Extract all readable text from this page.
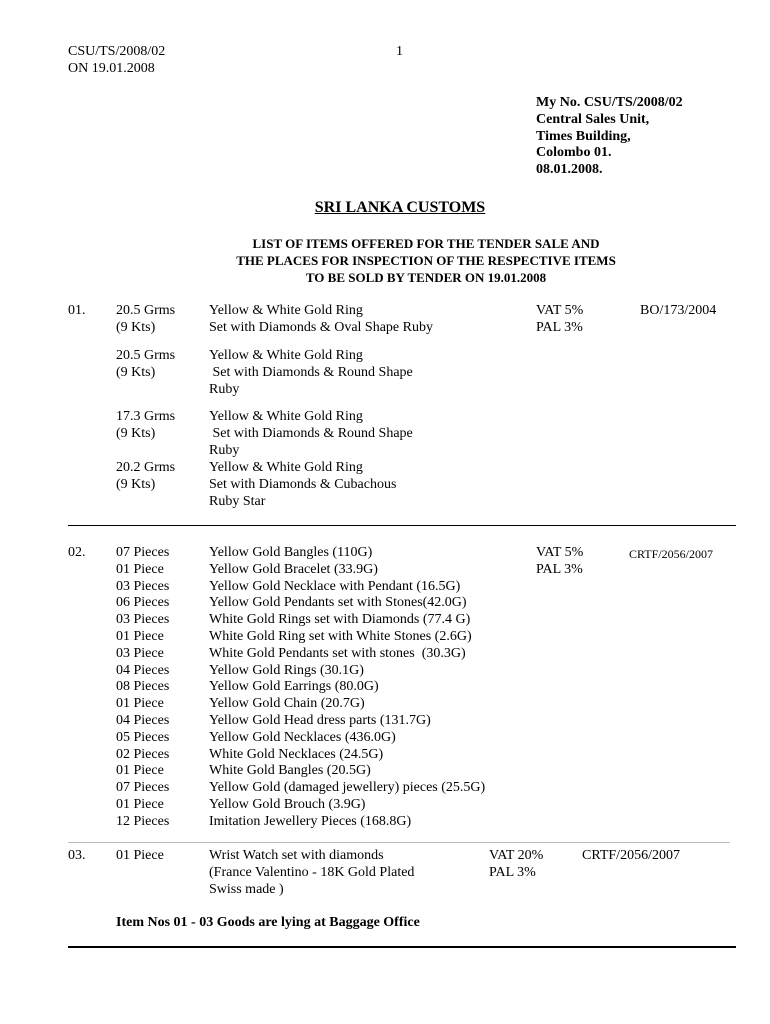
CSU/TS/2008/02
ON 19.01.2008
1
My No. CSU/TS/2008/02
Central Sales Unit,
Times Building,
Colombo 01.
08.01.2008.
SRI LANKA CUSTOMS
LIST OF ITEMS OFFERED FOR THE TENDER SALE AND
THE PLACES FOR INSPECTION OF THE RESPECTIVE ITEMS
TO BE SOLD BY TENDER ON 19.01.2008
01. 20.5 Grms
(9 Kts)
Yellow & White Gold Ring
Set with Diamonds & Oval Shape Ruby
VAT 5%
PAL 3%
BO/173/2004
20.5 Grms
(9 Kts)
Yellow & White Gold Ring
Set with Diamonds & Round Shape
Ruby
17.3 Grms
(9 Kts)
Yellow & White Gold Ring
Set with Diamonds & Round Shape
Ruby
20.2 Grms
(9 Kts)
Yellow & White Gold Ring
Set with Diamonds & Cubachous
Ruby Star
02. 07 Pieces
01 Piece
03 Pieces
06 Pieces
03 Pieces
01 Piece
03 Piece
04 Pieces
08 Pieces
01 Piece
04 Pieces
05 Pieces
02 Pieces
01 Piece
07 Pieces
01 Piece
12 Pieces
Yellow Gold Bangles (110G)
Yellow Gold Bracelet (33.9G)
Yellow Gold Necklace with Pendant (16.5G)
Yellow Gold Pendants set with Stones(42.0G)
White Gold Rings set with Diamonds (77.4 G)
White Gold Ring set with White Stones (2.6G)
White Gold Pendants set with stones  (30.3G)
Yellow Gold Rings (30.1G)
Yellow Gold Earrings (80.0G)
Yellow Gold Chain (20.7G)
Yellow Gold Head dress parts (131.7G)
Yellow Gold Necklaces (436.0G)
White Gold Necklaces (24.5G)
White Gold Bangles (20.5G)
Yellow Gold (damaged jewellery) pieces (25.5G)
Yellow Gold Brouch (3.9G)
Imitation Jewellery Pieces (168.8G)
VAT 5%
PAL 3%
CRTF/2056/2007
03. 01 Piece	Wrist Watch set with diamonds
(France Valentino - 18K Gold Plated
Swiss made )
VAT 20%
PAL 3%
CRTF/2056/2007
Item Nos 01 - 03 Goods are lying at Baggage Office
